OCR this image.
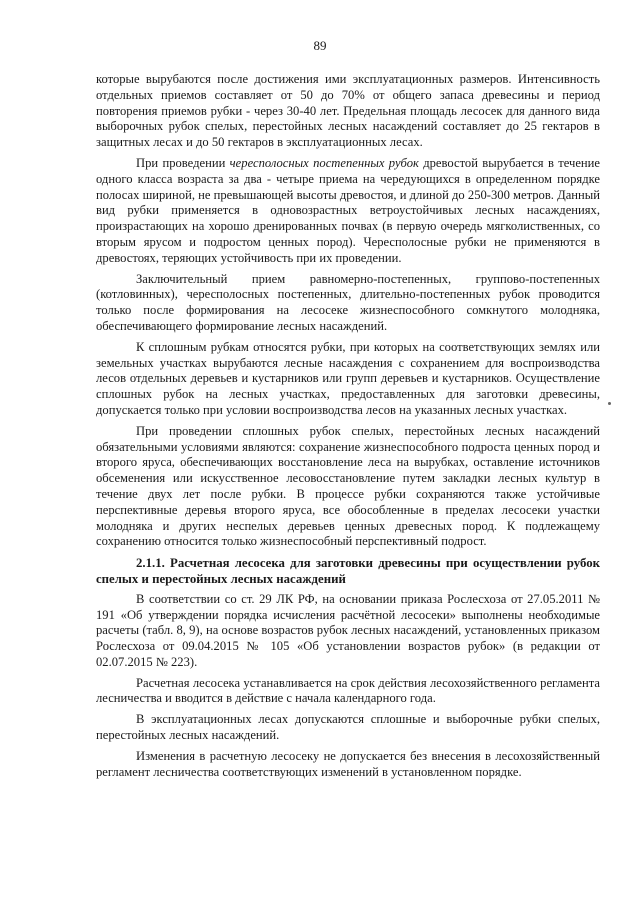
89

которые вырубаются после достижения ими эксплуатационных размеров. Интенсивность отдельных приемов составляет от 50 до 70% от общего запаса древесины и период повторения приемов рубки - через 30-40 лет. Предельная площадь лесосек для данного вида выборочных рубок спелых, перестойных лесных насаждений составляет до 25 гектаров в защитных лесах и до 50 гектаров в эксплуатационных лесах.

При проведении чересполосных постепенных рубок древостой вырубается в течение одного класса возраста за два - четыре приема на чередующихся в определенном порядке полосах шириной, не превышающей высоты древостоя, и длиной до 250-300 метров. Данный вид рубки применяется в одновозрастных ветроустойчивых лесных насаждениях, произрастающих на хорошо дренированных почвах (в первую очередь мягколиственных, со вторым ярусом и подростом ценных пород). Чересполосные рубки не применяются в древостоях, теряющих устойчивость при их проведении.

Заключительный прием равномерно-постепенных, группово-постепенных (котловинных), чересполосных постепенных, длительно-постепенных рубок проводится только после формирования на лесосеке жизнеспособного сомкнутого молодняка, обеспечивающего формирование лесных насаждений.

К сплошным рубкам относятся рубки, при которых на соответствующих землях или земельных участках вырубаются лесные насаждения с сохранением для воспроизводства лесов отдельных деревьев и кустарников или групп деревьев и кустарников. Осуществление сплошных рубок на лесных участках, предоставленных для заготовки древесины, допускается только при условии воспроизводства лесов на указанных лесных участках.

При проведении сплошных рубок спелых, перестойных лесных насаждений обязательными условиями являются: сохранение жизнеспособного подроста ценных пород и второго яруса, обеспечивающих восстановление леса на вырубках, оставление источников обсеменения или искусственное лесовосстановление путем закладки лесных культур в течение двух лет после рубки. В процессе рубки сохраняются также устойчивые перспективные деревья второго яруса, все обособленные в пределах лесосеки участки молодняка и других неспелых деревьев ценных древесных пород. К подлежащему сохранению относится только жизнеспособный перспективный подрост.

2.1.1. Расчетная лесосека для заготовки древесины при осуществлении рубок спелых и перестойных лесных насаждений

В соответствии со ст. 29 ЛК РФ, на основании приказа Рослесхоза от 27.05.2011 № 191 «Об утверждении порядка исчисления расчётной лесосеки» выполнены необходимые расчеты (табл. 8, 9), на основе возрастов рубок лесных насаждений, установленных приказом Рослесхоза от 09.04.2015 № 105 «Об установлении возрастов рубок» (в редакции от 02.07.2015 № 223).

Расчетная лесосека устанавливается на срок действия лесохозяйственного регламента лесничества и вводится в действие с начала календарного года.

В эксплуатационных лесах допускаются сплошные и выборочные рубки спелых, перестойных лесных насаждений.

Изменения в расчетную лесосеку не допускается без внесения в лесохозяйственный регламент лесничества соответствующих изменений в установленном порядке.
